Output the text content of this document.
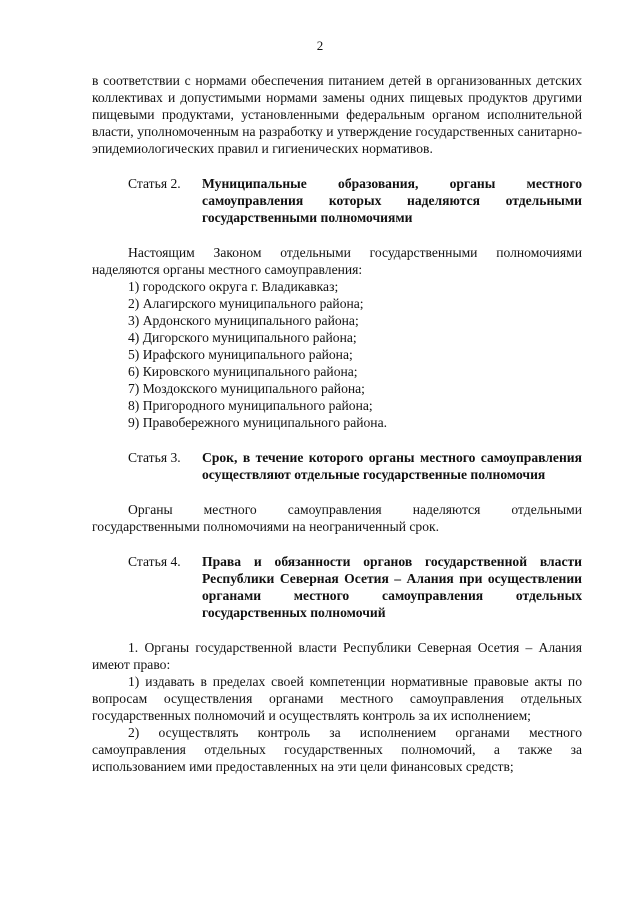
2

в соответствии с нормами обеспечения питанием детей в организованных детских коллективах и допустимыми нормами замены одних пищевых продуктов другими пищевыми продуктами, установленными федеральным органом исполнительной власти, уполномоченным на разработку и утверждение государственных санитарно-эпидемиологических правил и гигиенических нормативов.

Статья 2.	Муниципальные образования, органы местного самоуправления которых наделяются отдельными государственными полномочиями

Настоящим Законом отдельными государственными полномочиями наделяются органы местного самоуправления:

1) городского округа г. Владикавказ;

2) Алагирского муниципального района;

3) Ардонского муниципального района;

4) Дигорского муниципального района;

5) Ирафского муниципального района;

6) Кировского муниципального района;

7) Моздокского муниципального района;

8) Пригородного муниципального района;

9) Правобережного муниципального района.

Статья 3.	Срок, в течение которого органы местного самоуправления осуществляют отдельные государственные полномочия

Органы местного самоуправления наделяются отдельными государственными полномочиями на неограниченный срок.

Статья 4.	Права и обязанности органов государственной власти Республики Северная Осетия – Алания при осуществлении органами местного самоуправления отдельных государственных полномочий

1. Органы государственной власти Республики Северная Осетия – Алания имеют право:

1) издавать в пределах своей компетенции нормативные правовые акты по вопросам осуществления органами местного самоуправления отдельных государственных полномочий и осуществлять контроль за их исполнением;

2) осуществлять контроль за исполнением органами местного самоуправления отдельных государственных полномочий, а также за использованием ими предоставленных на эти цели финансовых средств;
